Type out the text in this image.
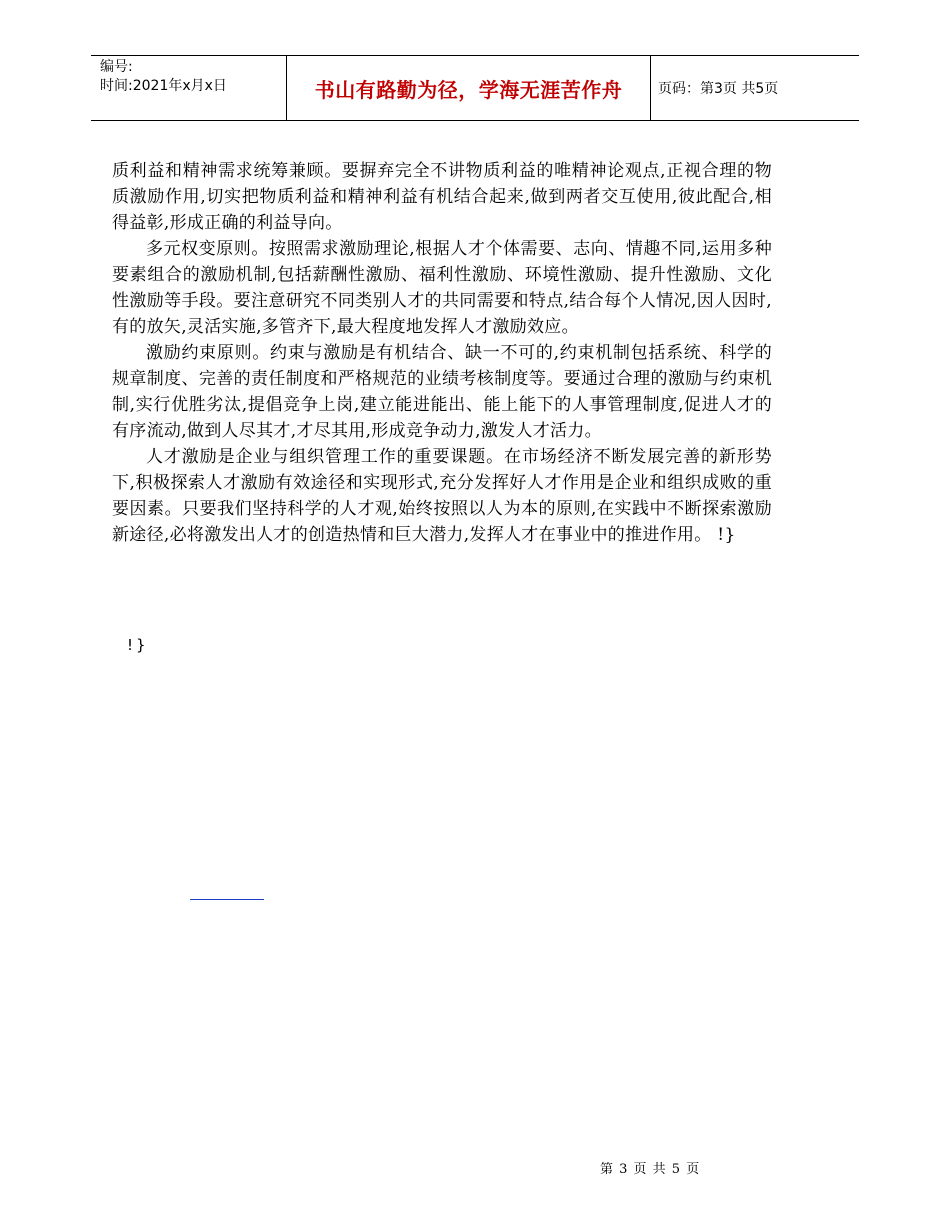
编号:
时间:2021年x月x日	书山有路勤为径，学海无涯苦作舟	页码：第3页 共5页

质利益和精神需求统筹兼顾。要摒弃完全不讲物质利益的唯精神论观点,正视合理的物质激励作用,切实把物质利益和精神利益有机结合起来,做到两者交互使用,彼此配合,相得益彰,形成正确的利益导向。

多元权变原则。按照需求激励理论,根据人才个体需要、志向、情趣不同,运用多种要素组合的激励机制,包括薪酬性激励、福利性激励、环境性激励、提升性激励、文化性激励等手段。要注意研究不同类别人才的共同需要和特点,结合每个人情况,因人因时,有的放矢,灵活实施,多管齐下,最大程度地发挥人才激励效应。

激励约束原则。约束与激励是有机结合、缺一不可的,约束机制包括系统、科学的规章制度、完善的责任制度和严格规范的业绩考核制度等。要通过合理的激励与约束机制,实行优胜劣汰,提倡竞争上岗,建立能进能出、能上能下的人事管理制度,促进人才的有序流动,做到人尽其才,才尽其用,形成竞争动力,激发人才活力。

人才激励是企业与组织管理工作的重要课题。在市场经济不断发展完善的新形势下,积极探索人才激励有效途径和实现形式,充分发挥好人才作用是企业和组织成败的重要因素。只要我们坚持科学的人才观,始终按照以人为本的原则,在实践中不断探索激励新途径,必将激发出人才的创造热情和巨大潜力,发挥人才在事业中的推进作用。 !}

!}
第 3 页 共 5 页
